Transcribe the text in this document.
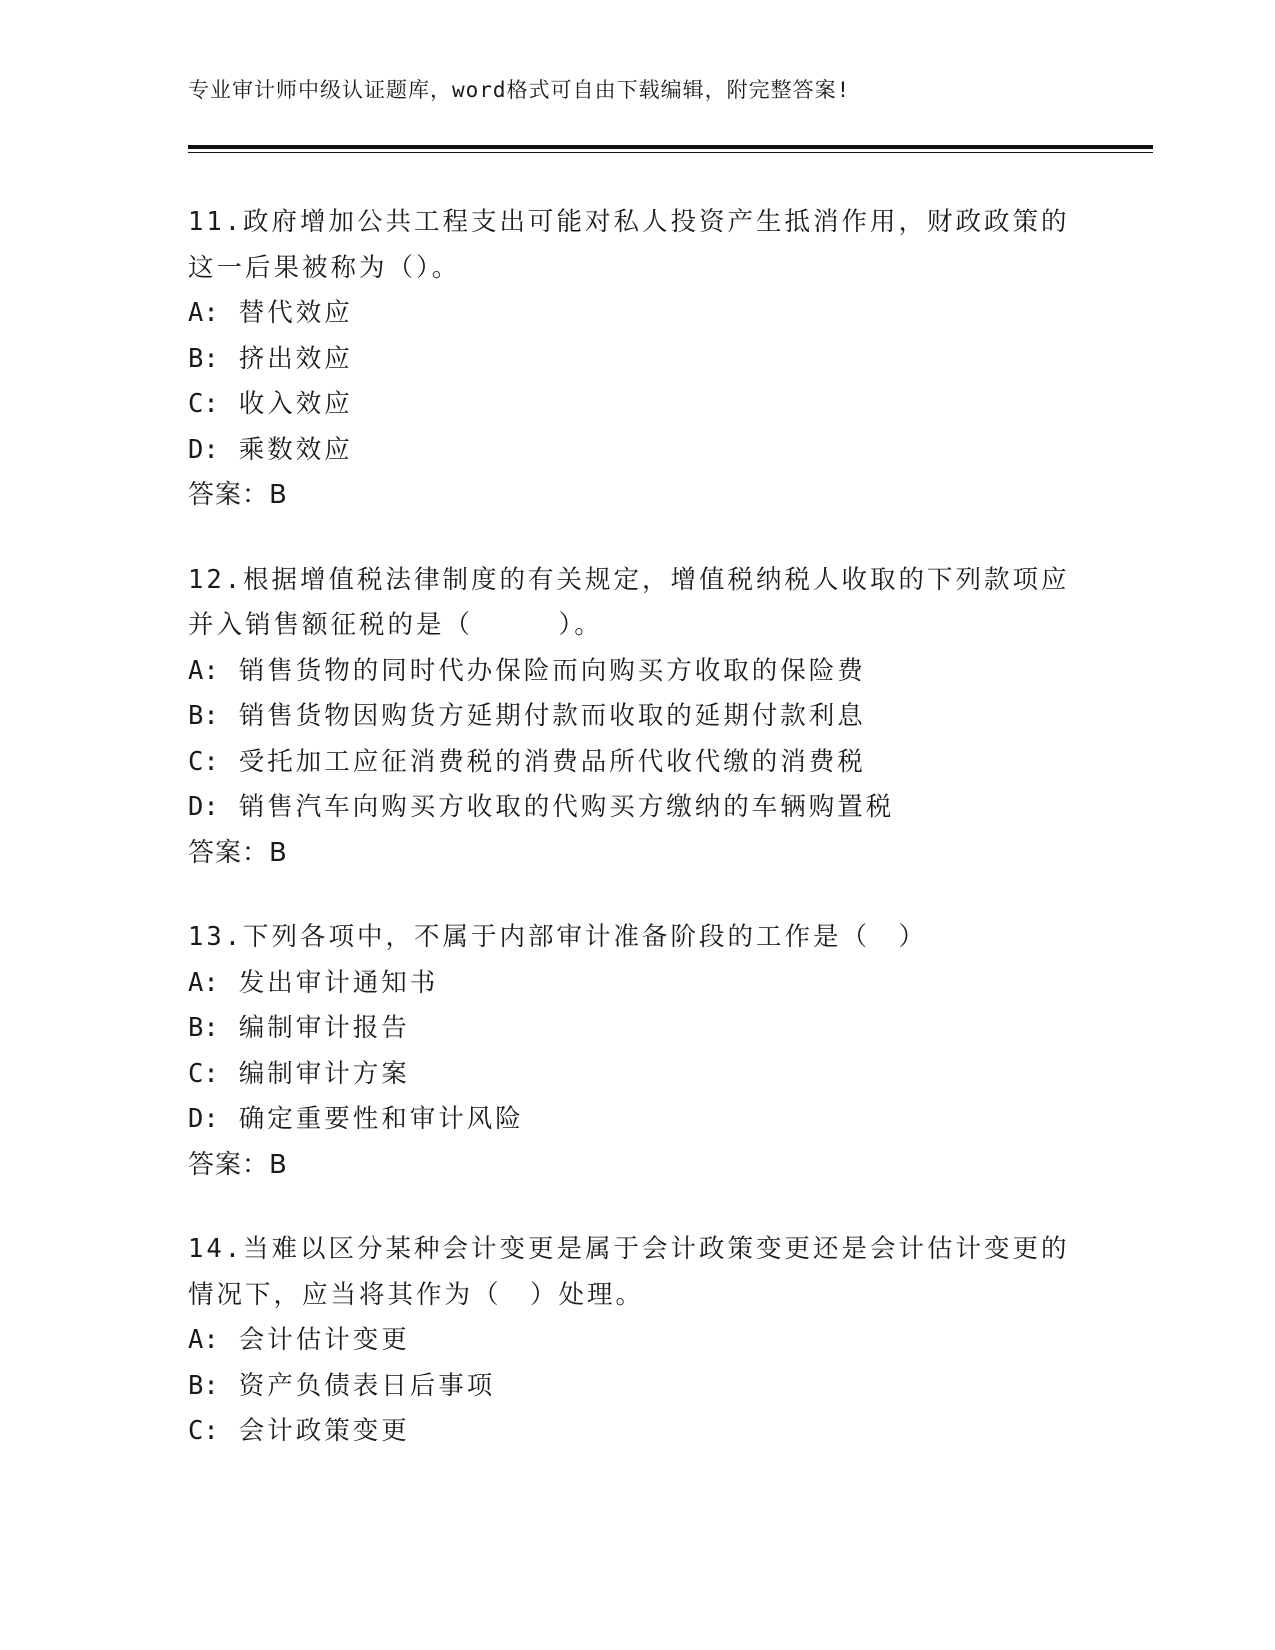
专业审计师中级认证题库，word格式可自由下载编辑，附完整答案!
11.政府增加公共工程支出可能对私人投资产生抵消作用，财政政策的
这一后果被称为（）。
A: 替代效应
B: 挤出效应
C: 收入效应
D: 乘数效应
答案：B
12.根据增值税法律制度的有关规定，增值税纳税人收取的下列款项应
并入销售额征税的是（　　　）。
A: 销售货物的同时代办保险而向购买方收取的保险费
B: 销售货物因购货方延期付款而收取的延期付款利息
C: 受托加工应征消费税的消费品所代收代缴的消费税
D: 销售汽车向购买方收取的代购买方缴纳的车辆购置税
答案：B
13.下列各项中，不属于内部审计准备阶段的工作是（　）
A: 发出审计通知书
B: 编制审计报告
C: 编制审计方案
D: 确定重要性和审计风险
答案：B
14.当难以区分某种会计变更是属于会计政策变更还是会计估计变更的
情况下，应当将其作为（　）处理。
A: 会计估计变更
B: 资产负债表日后事项
C: 会计政策变更
